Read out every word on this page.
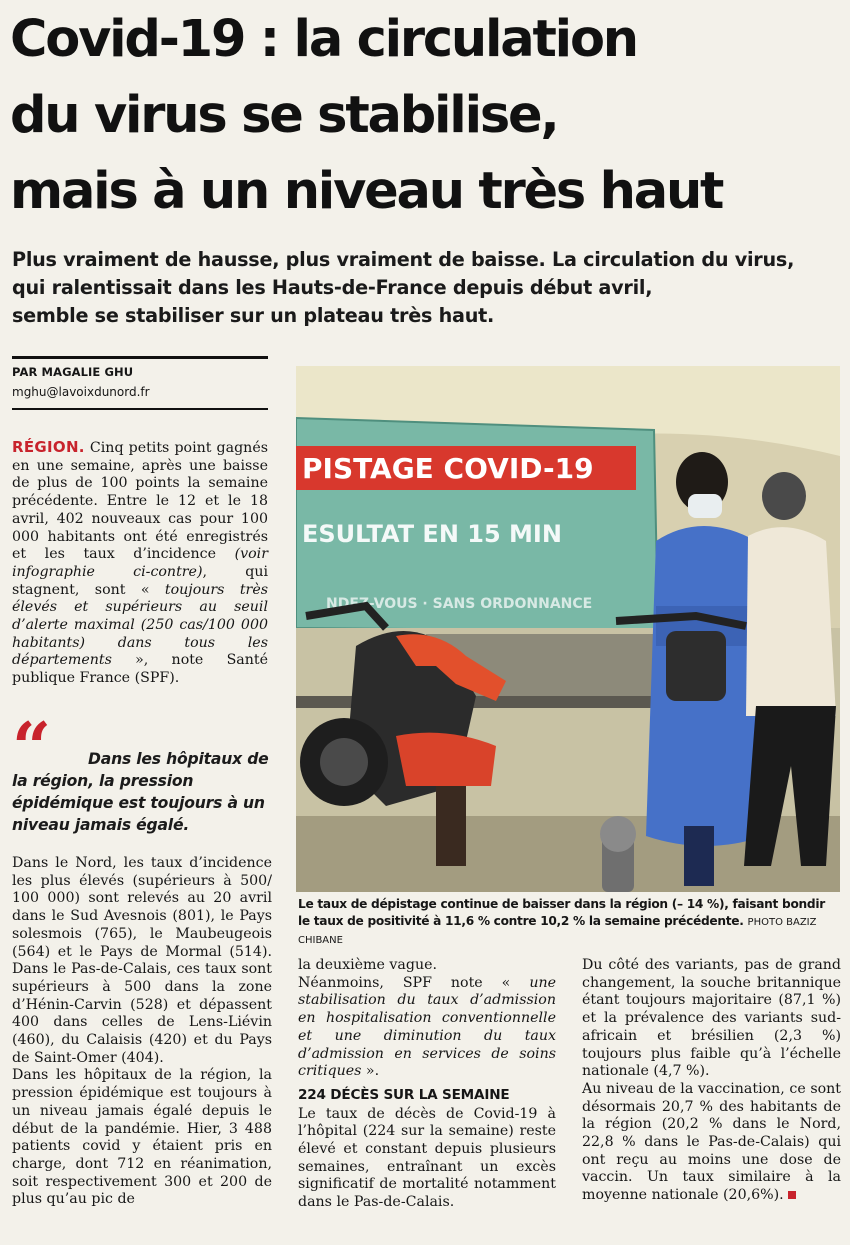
Covid-19 : la circulation
du virus se stabilise,
mais à un niveau très haut

Plus vraiment de hausse, plus vraiment de baisse. La circulation du virus,
qui ralentissait dans les Hauts-de-France depuis début avril,
semble se stabiliser sur un plateau très haut.

PAR MAGALIE GHU
mghu@lavoixdunord.fr

RÉGION. Cinq petits point gagnés en une semaine, après une baisse de plus de 100 points la semaine précédente. Entre le 12 et le 18 avril, 402 nouveaux cas pour 100 000 habitants ont été enregistrés et les taux d’incidence (voir infographie ci-contre), qui stagnent, sont « toujours très élevés et supérieurs au seuil d’alerte maximal (250 cas/100 000 habitants) dans tous les départements », note Santé publique France (SPF).

“	Dans les hôpitaux de la région, la pression épidémique est toujours à un niveau jamais égalé.

Dans le Nord, les taux d’incidence les plus élevés (supérieurs à 500/ 100 000) sont relevés au 20 avril dans le Sud Avesnois (801), le Pays solesmois (765), le Maubeugeois (564) et le Pays de Mormal (514). Dans le Pas-de-Calais, ces taux sont supérieurs à 500 dans la zone d’Hénin-Carvin (528) et dépassent 400 dans celles de Lens-Liévin (460), du Calaisis (420) et du Pays de Saint-Omer (404).

Dans les hôpitaux de la région, la pression épidémique est toujours à un niveau jamais égalé depuis le début de la pandémie. Hier, 3 488 patients covid y étaient pris en charge, dont 712 en réanimation, soit respectivement 300 et 200 de plus qu’au pic de

PISTAGE COVID-19
ESULTAT EN 15 MIN
NDEZ-VOUS · SANS ORDONNANCE
Le taux de dépistage continue de baisser dans la région (– 14 %), faisant bondir le taux de positivité à 11,6 % contre 10,2 % la semaine précédente. PHOTO BAZIZ CHIBANE

la deuxième vague.

Néanmoins, SPF note « une stabilisation du taux d’admission en hospitalisation conventionnelle et une diminution du taux d’admission en services de soins critiques ».

224 DÉCÈS SUR LA SEMAINE

Le taux de décès de Covid-19 à l’hôpital (224 sur la semaine) reste élevé et constant depuis plusieurs semaines, entraînant un excès significatif de mortalité notamment dans le Pas-de-Calais.

Du côté des variants, pas de grand changement, la souche britannique étant toujours majoritaire (87,1 %) et la prévalence des variants sud-africain et brésilien (2,3 %) toujours plus faible qu’à l’échelle nationale (4,7 %).

Au niveau de la vaccination, ce sont désormais 20,7 % des habitants de la région (20,2 % dans le Nord, 22,8 % dans le Pas-de-Calais) qui ont reçu au moins une dose de vaccin. Un taux similaire à la moyenne nationale (20,6%).
